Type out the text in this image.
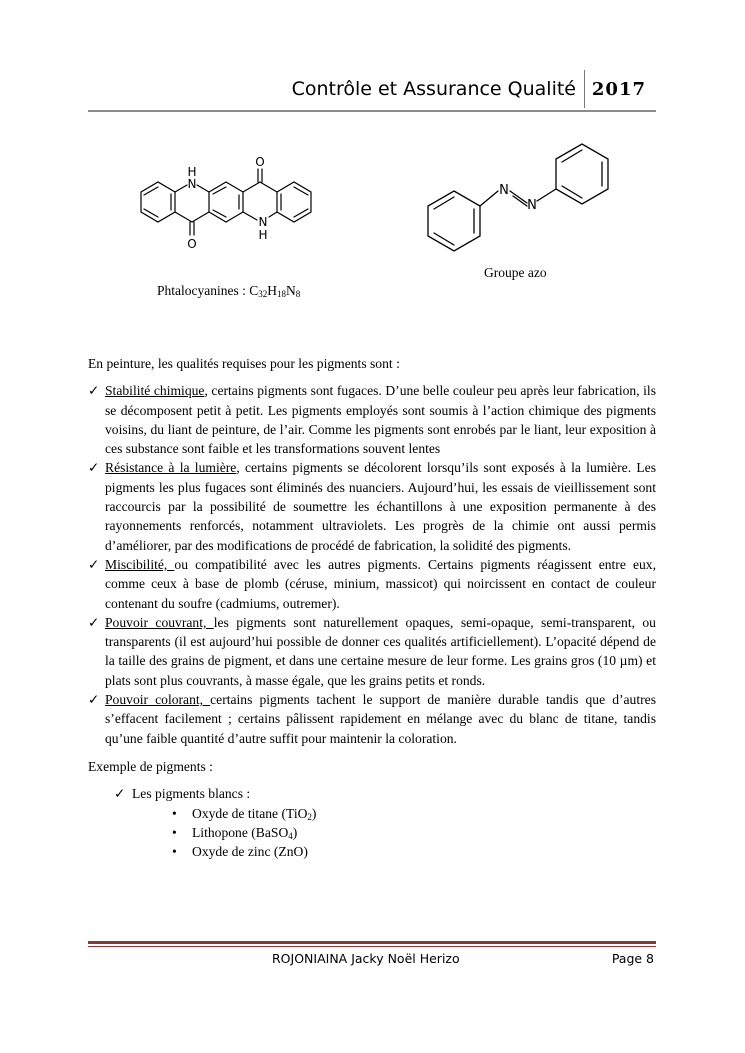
Contrôle et Assurance Qualité 2017
N
H
O
O
N
H
N
N
Phtalocyanines : $C_{32}H_{18}N_8$
Groupe azo

En peinture, les qualités requises pour les pigments sont :

✓ Stabilité chimique, certains pigments sont fugaces. D’une belle couleur peu après leur fabrication, ils se décomposent petit à petit. Les pigments employés sont soumis à l’action chimique des pigments voisins, du liant de peinture, de l’air. Comme les pigments sont enrobés par le liant, leur exposition à ces substance sont faible et les transformations souvent lentes
✓ Résistance à la lumière, certains pigments se décolorent lorsqu’ils sont exposés à la lumière. Les pigments les plus fugaces sont éliminés des nuanciers. Aujourd’hui, les essais de vieillissement sont raccourcis par la possibilité de soumettre les échantillons à une exposition permanente à des rayonnements renforcés, notamment ultraviolets. Les progrès de la chimie ont aussi permis d’améliorer, par des modifications de procédé de fabrication, la solidité des pigments.
✓ Miscibilité, ou compatibilité avec les autres pigments. Certains pigments réagissent entre eux, comme ceux à base de plomb (céruse, minium, massicot) qui noircissent en contact de couleur contenant du soufre (cadmiums, outremer).
✓ Pouvoir couvrant, les pigments sont naturellement opaques, semi-opaque, semi-transparent, ou transparents (il est aujourd’hui possible de donner ces qualités artificiellement). L’opacité dépend de la taille des grains de pigment, et dans une certaine mesure de leur forme. Les grains gros (10 µm) et plats sont plus couvrants, à masse égale, que les grains petits et ronds.
✓ Pouvoir colorant, certains pigments tachent le support de manière durable tandis que d’autres s’effacent facilement ; certains pâlissent rapidement en mélange avec du blanc de titane, tandis qu’une faible quantité d’autre suffit pour maintenir la coloration.

Exemple de pigments :

✓ Les pigments blancs :
• Oxyde de titane (TiO$_2$)
• Lithopone (BaSO$_4$)
• Oxyde de zinc (ZnO)
ROJONIAINA Jacky Noël Herizo	Page 8
